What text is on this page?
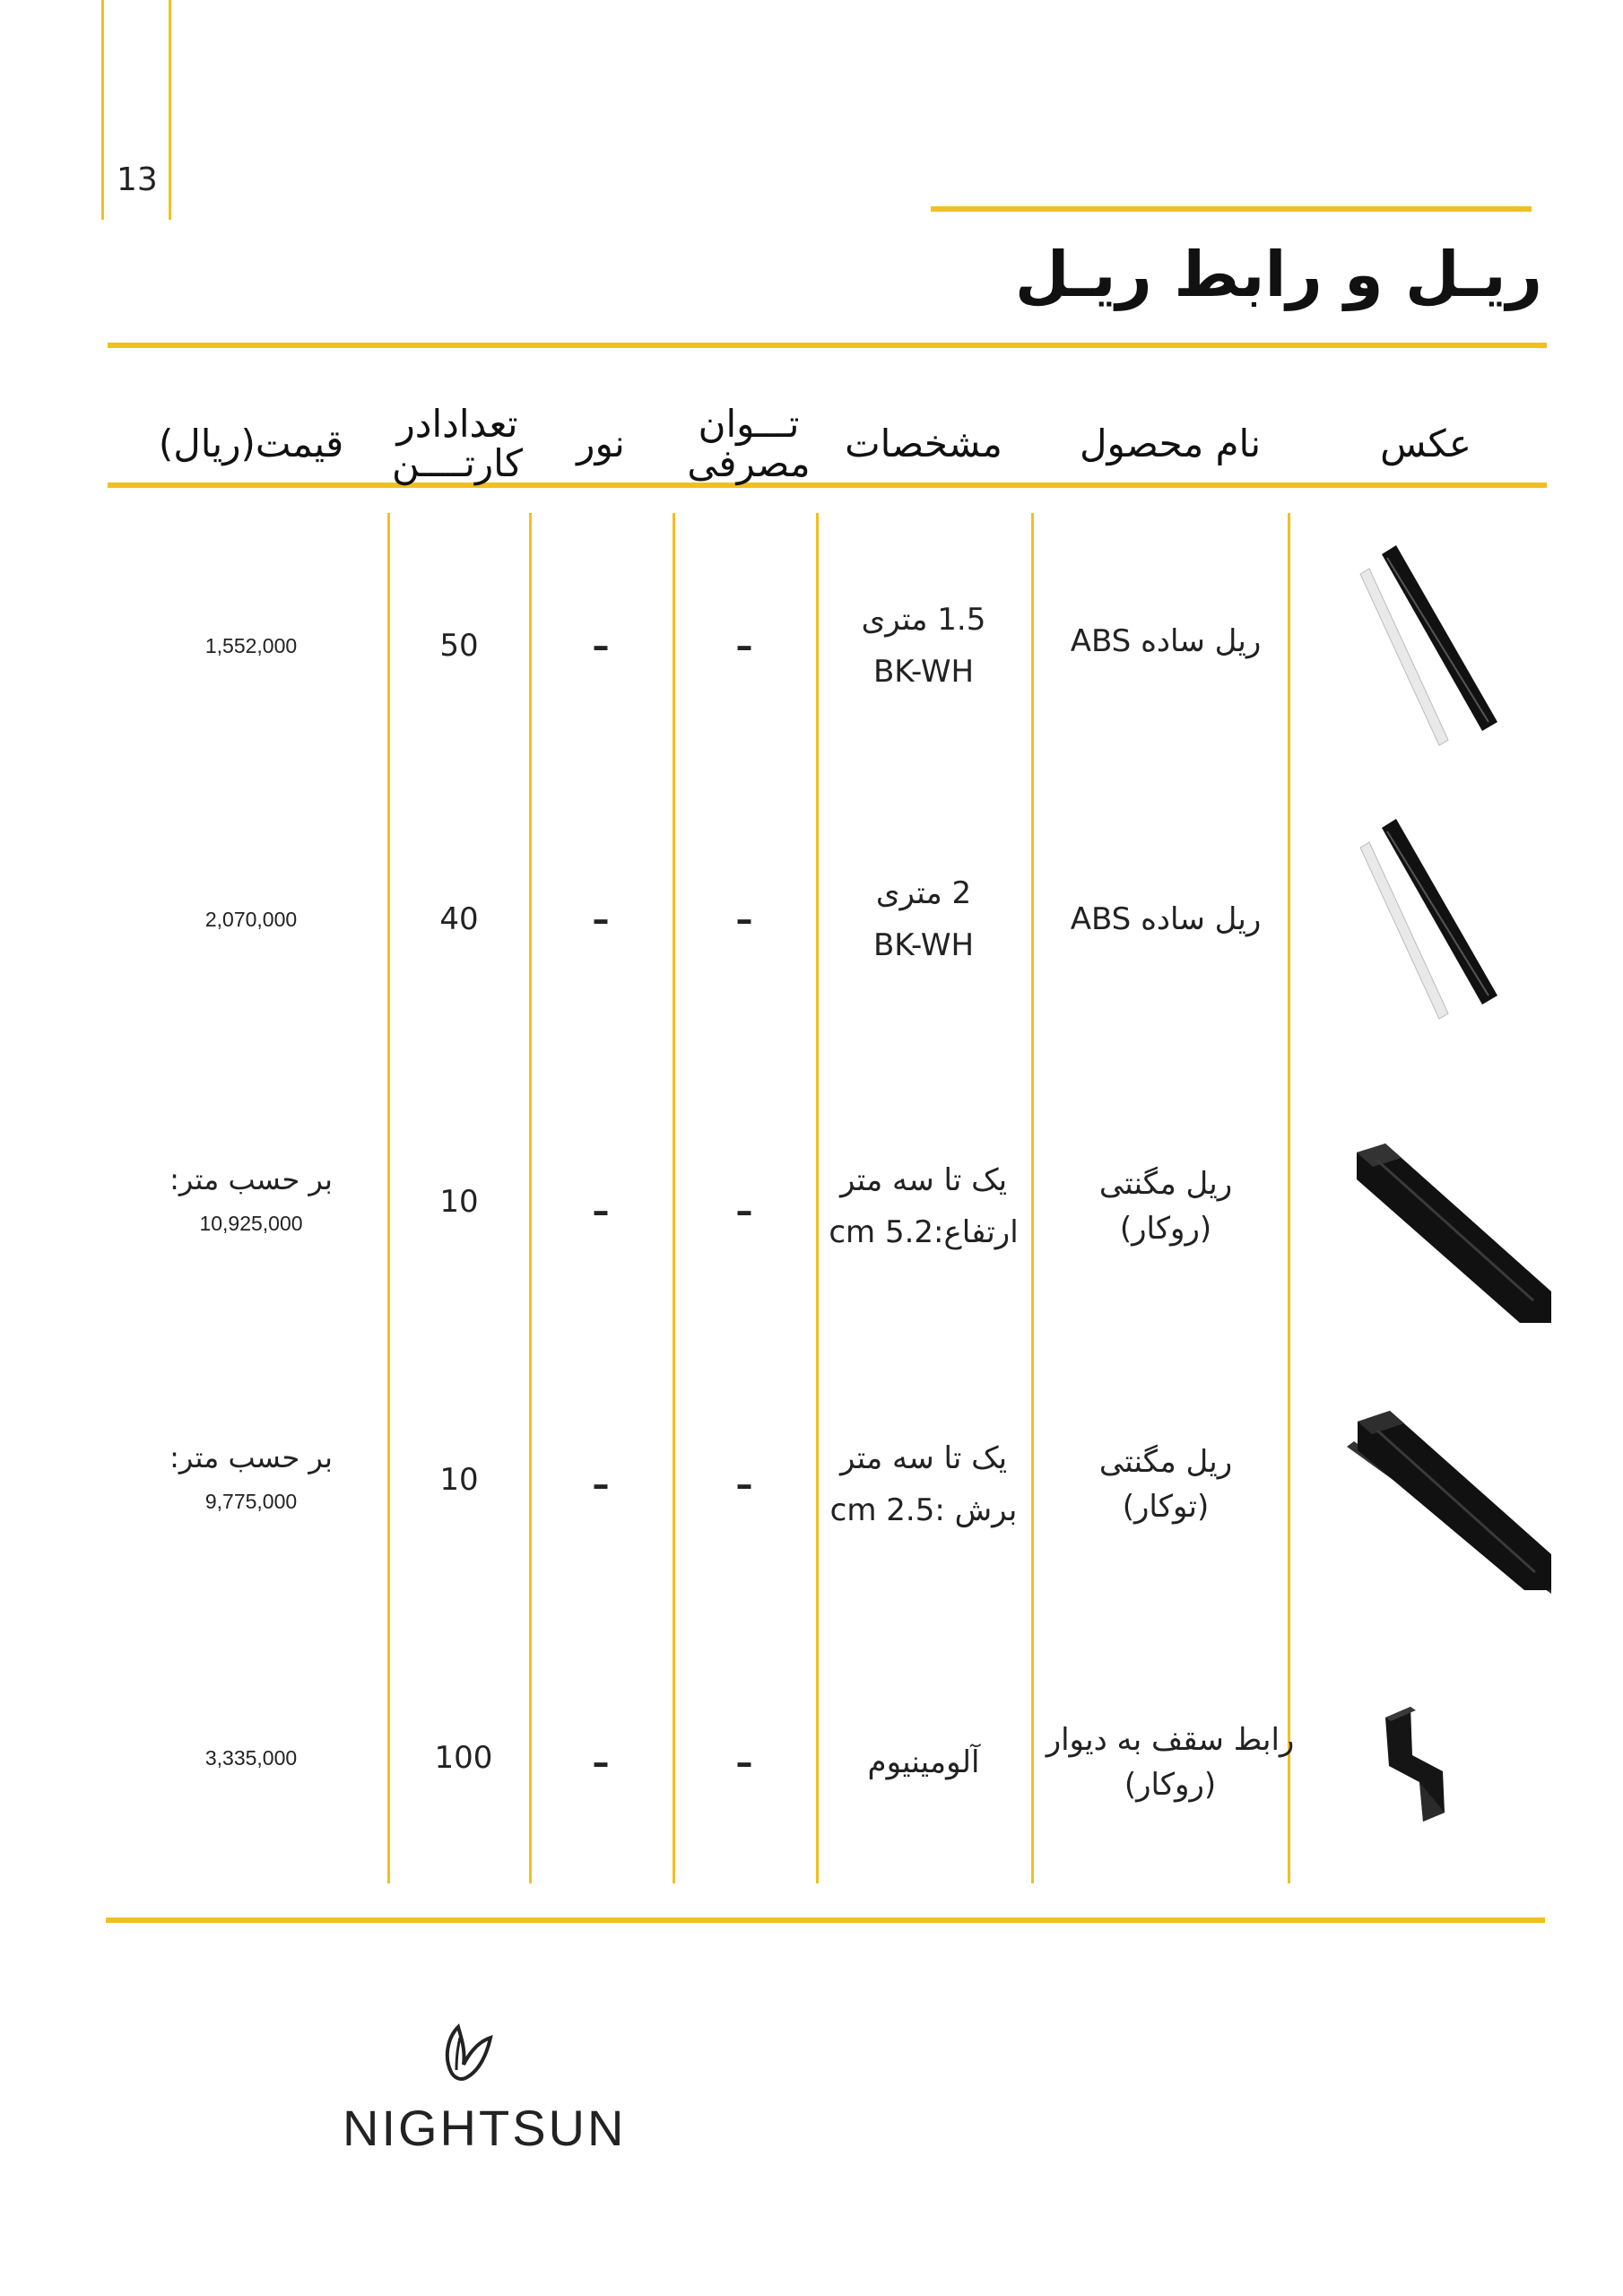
13
ریـل و رابط ریـل
عکس
نام محصول
مشخصات
تـــوان
مصرفی
نور
تعدادادر
کارتــــن
قیمت(ریال)
ریل ساده ABS
1.5 متری
BK-WH
–
–
50
1,552,000
ریل ساده ABS
2 متری
BK-WH
–
–
40
2,070,000
ریل مگنتی
(روکار)
یک تا سه متر
ارتفاع:5.2 cm
–
–
10
بر حسب متر:
10,925,000
ریل مگنتی
(توکار)
یک تا سه متر
برش :2.5 cm
–
–
10
بر حسب متر:
9,775,000
رابط سقف به دیوار
(روکار)
آلومینیوم
–
–
100
3,335,000
NIGHTSUN
